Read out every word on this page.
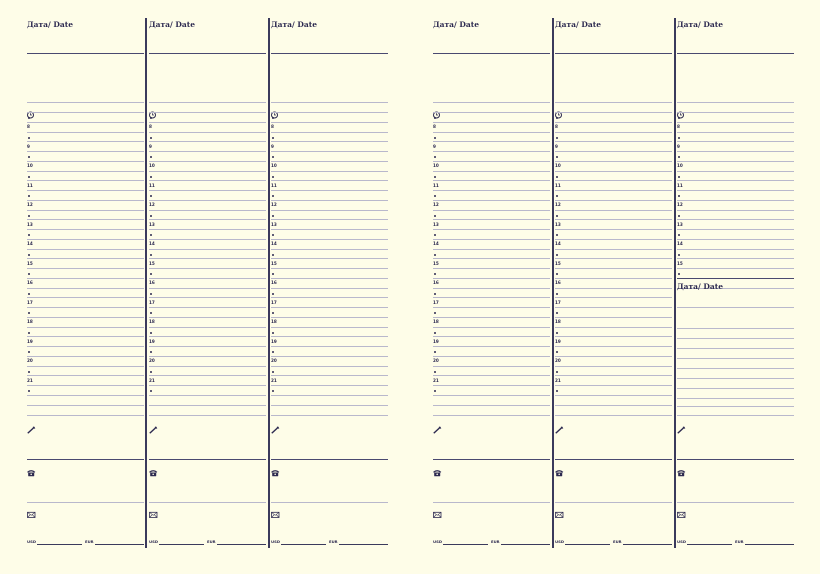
Дата/ Date
8
9
10
11
12
13
14
15
16
17
18
19
20
21
USD	EUR
Дата/ Date
8
9
10
11
12
13
14
15
16
17
18
19
20
21
USD	EUR
Дата/ Date
8
9
10
11
12
13
14
15
16
17
18
19
20
21
USD	EUR
Дата/ Date
8
9
10
11
12
13
14
15
16
17
18
19
20
21
USD	EUR
Дата/ Date
8
9
10
11
12
13
14
15
16
17
18
19
20
21
USD	EUR
Дата/ Date
8
9
10
11
12
13
14
15
Дата/ Date
USD	EUR
